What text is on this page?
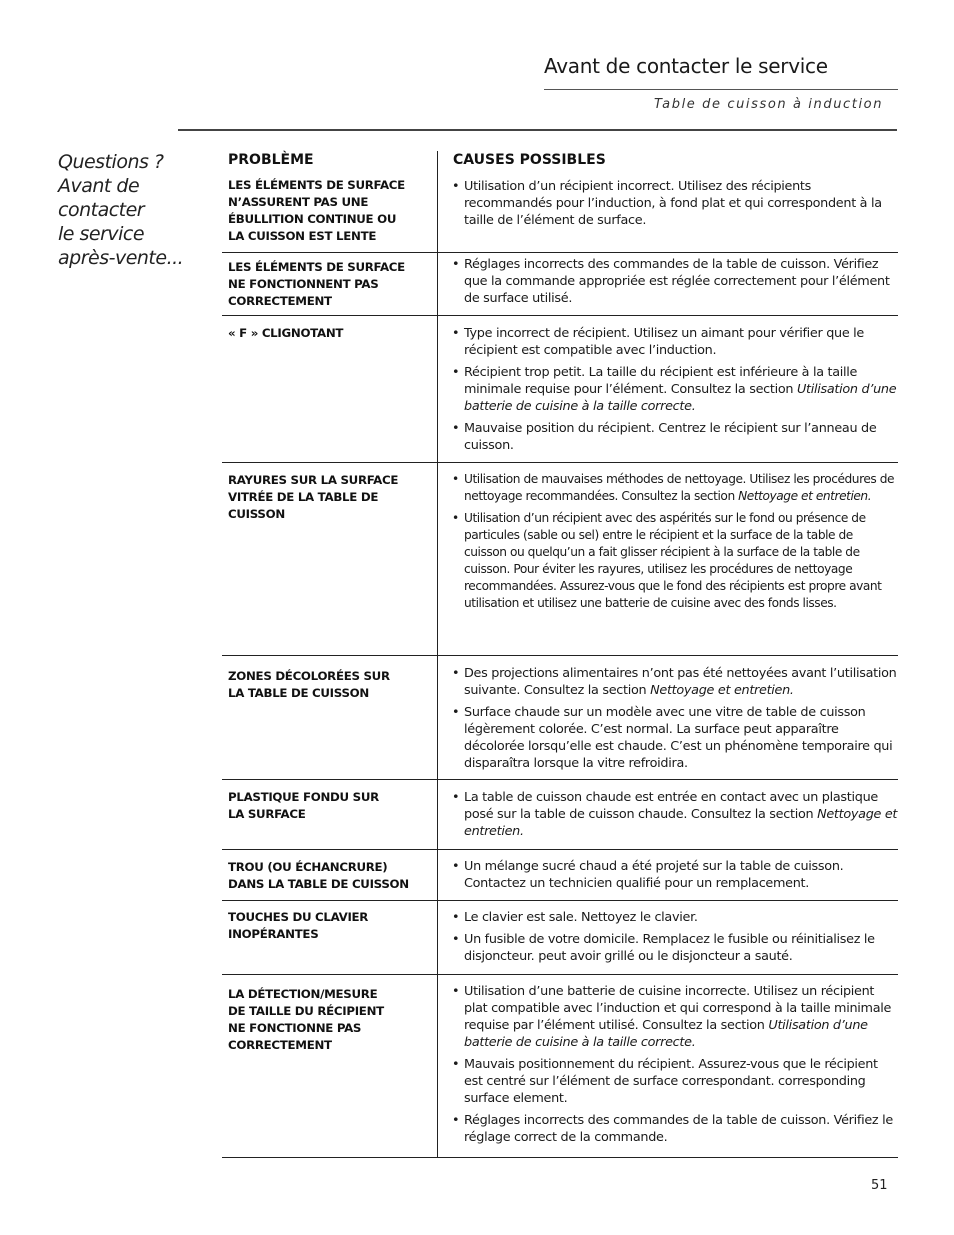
Avant de contacter le service
Table de cuisson à induction
Questions ?
Avant de
contacter
le service
après-vente...
PROBLÈME	CAUSES POSSIBLES
LES ÉLÉMENTS DE SURFACE
N’ASSURENT PAS UNE
ÉBULLITION CONTINUE OU
LA CUISSON EST LENTE
• Utilisation d’un récipient incorrect. Utilisez des récipients recommandés pour l’induction, à fond plat et qui correspondent à la taille de l’élément de surface.
LES ÉLÉMENTS DE SURFACE
NE FONCTIONNENT PAS
CORRECTEMENT
• Réglages incorrects des commandes de la table de cuisson. Vérifiez que la commande appropriée est réglée correctement pour l’élément de surface utilisé.
« F » CLIGNOTANT	• Type incorrect de récipient. Utilisez un aimant pour vérifier que le récipient est compatible avec l’induction.
• Récipient trop petit. La taille du récipient est inférieure à la taille minimale requise pour l’élément. Consultez la section Utilisation d’une batterie de cuisine à la taille correcte.
• Mauvaise position du récipient. Centrez le récipient sur l’anneau de cuisson.
RAYURES SUR LA SURFACE
VITRÉE DE LA TABLE DE
CUISSON
• Utilisation de mauvaises méthodes de nettoyage. Utilisez les procédures de nettoyage recommandées. Consultez la section Nettoyage et entretien.
• Utilisation d’un récipient avec des aspérités sur le fond ou présence de particules (sable ou sel) entre le récipient et la surface de la table de cuisson ou quelqu’un a fait glisser récipient à la surface de la table de cuisson. Pour éviter les rayures, utilisez les procédures de nettoyage recommandées. Assurez-vous que le fond des récipients est propre avant utilisation et utilisez une batterie de cuisine avec des fonds lisses.
ZONES DÉCOLORÉES SUR
LA TABLE DE CUISSON
• Des projections alimentaires n’ont pas été nettoyées avant l’utilisation suivante. Consultez la section Nettoyage et entretien.
• Surface chaude sur un modèle avec une vitre de table de cuisson légèrement colorée. C’est normal. La surface peut apparaître décolorée lorsqu’elle est chaude. C’est un phénomène temporaire qui disparaîtra lorsque la vitre refroidira.
PLASTIQUE FONDU SUR
LA SURFACE
• La table de cuisson chaude est entrée en contact avec un plastique posé sur la table de cuisson chaude. Consultez la section Nettoyage et entretien.
TROU (OU ÉCHANCRURE)
DANS LA TABLE DE CUISSON
• Un mélange sucré chaud a été projeté sur la table de cuisson. Contactez un technicien qualifié pour un remplacement.
TOUCHES DU CLAVIER
INOPÉRANTES
• Le clavier est sale. Nettoyez le clavier.
• Un fusible de votre domicile. Remplacez le fusible ou réinitialisez le disjoncteur. peut avoir grillé ou le disjoncteur a sauté.
LA DÉTECTION/MESURE
DE TAILLE DU RÉCIPIENT
NE FONCTIONNE PAS
CORRECTEMENT
• Utilisation d’une batterie de cuisine incorrecte. Utilisez un récipient plat compatible avec l’induction et qui correspond à la taille minimale requise par l’élément utilisé. Consultez la section Utilisation d’une batterie de cuisine à la taille correcte.
• Mauvais positionnement du récipient. Assurez-vous que le récipient est centré sur l’élément de surface correspondant. corresponding surface element.
• Réglages incorrects des commandes de la table de cuisson. Vérifiez le réglage correct de la commande.
51
